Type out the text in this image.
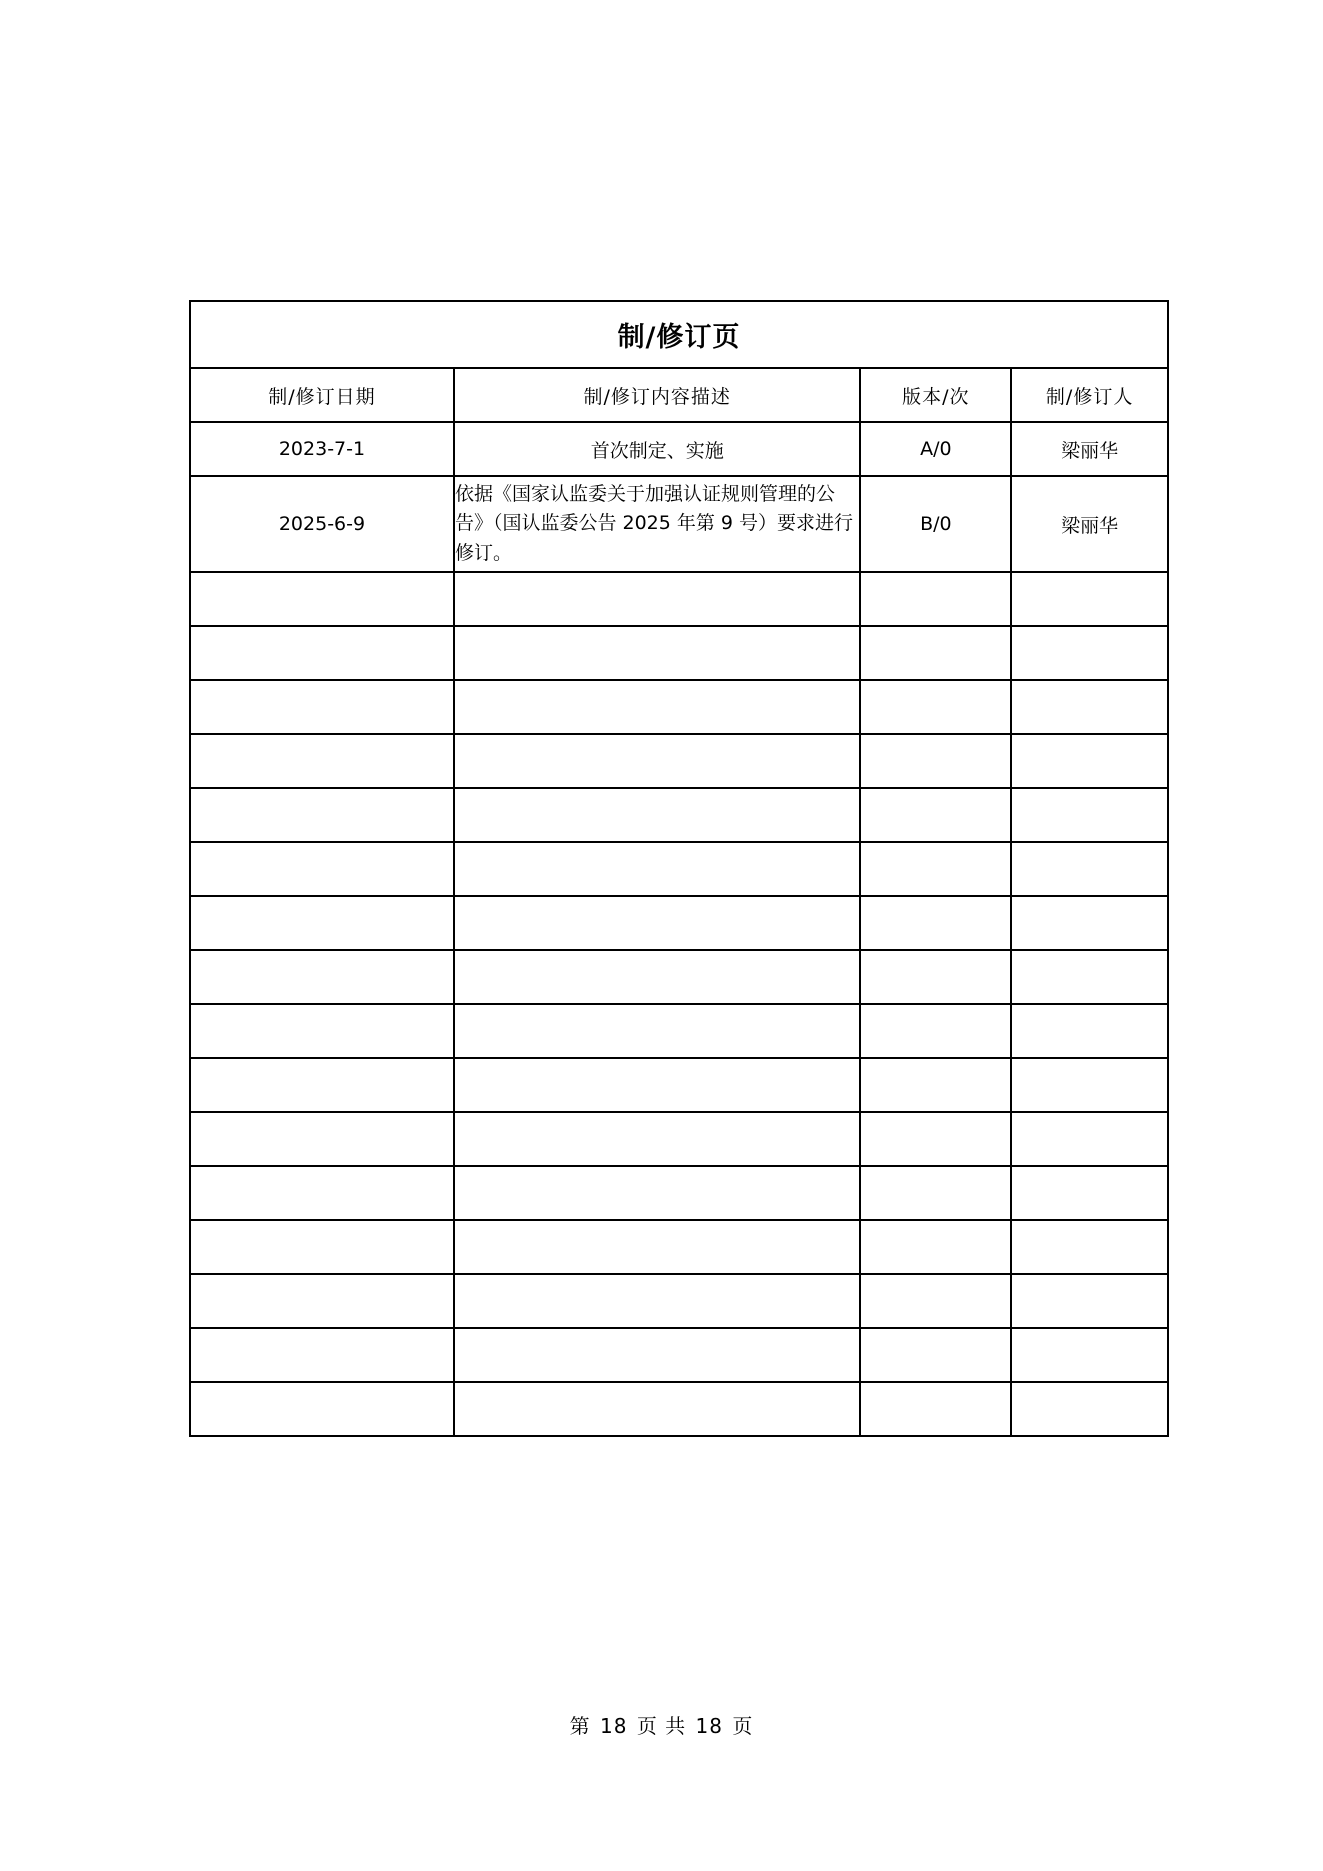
制/修订页			
制/修订日期	制/修订内容描述	版本/次	制/修订人
2023-7-1	首次制定、实施	A/0	梁丽华
2025-6-9	依据《国家认监委关于加强认证规则管理的公告》（国认监委公告 2025 年第 9 号）要求进行修订。	B/0	梁丽华

第 18 页 共 18 页
